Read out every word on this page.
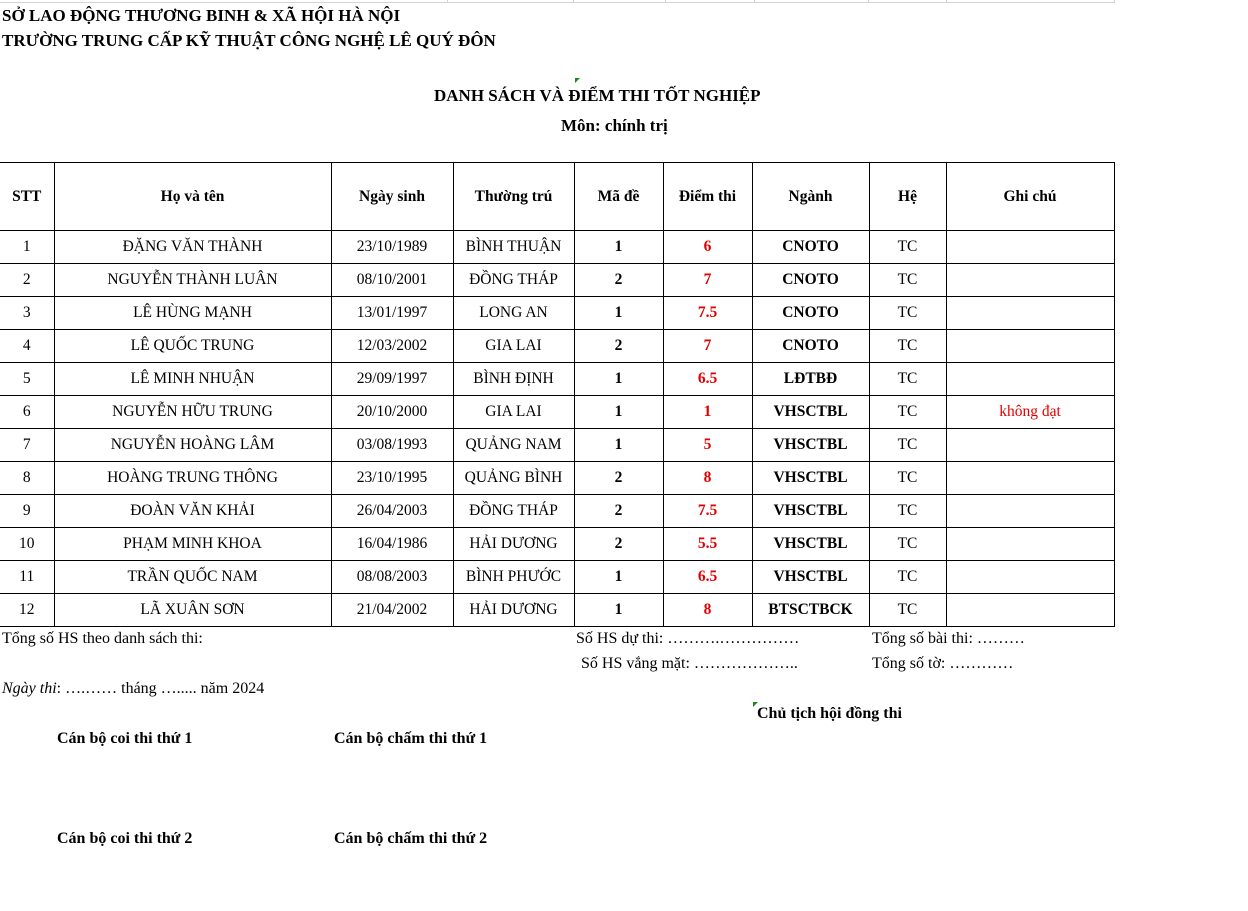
SỞ LAO ĐỘNG THƯƠNG BINH & XÃ HỘI HÀ NỘI
TRƯỜNG TRUNG CẤP KỸ THUẬT CÔNG NGHỆ LÊ QUÝ ĐÔN
DANH SÁCH VÀ ĐIỂM THI TỐT NGHIỆP
Môn: chính trị
STT	Họ và tên	Ngày sinh	Thường trú	Mã đề	Điểm thi	Ngành	Hệ	Ghi chú
1	ĐẶNG VĂN THÀNH	23/10/1989	BÌNH THUẬN	1	6	CNOTO	TC	
2	NGUYỄN THÀNH LUÂN	08/10/2001	ĐỒNG THÁP	2	7	CNOTO	TC	
3	LÊ HÙNG MẠNH	13/01/1997	LONG AN	1	7.5	CNOTO	TC	
4	LÊ QUỐC TRUNG	12/03/2002	GIA LAI	2	7	CNOTO	TC	
5	LÊ MINH NHUẬN	29/09/1997	BÌNH ĐỊNH	1	6.5	LĐTBĐ	TC	
6	NGUYỄN HỮU TRUNG	20/10/2000	GIA LAI	1	1	VHSCTBL	TC	không đạt
7	NGUYỄN HOÀNG LÂM	03/08/1993	QUẢNG NAM	1	5	VHSCTBL	TC	
8	HOÀNG TRUNG THÔNG	23/10/1995	QUẢNG BÌNH	2	8	VHSCTBL	TC	
9	ĐOÀN VĂN KHẢI	26/04/2003	ĐỒNG THÁP	2	7.5	VHSCTBL	TC	
10	PHẠM MINH KHOA	16/04/1986	HẢI DƯƠNG	2	5.5	VHSCTBL	TC	
11	TRẦN QUỐC NAM	08/08/2003	BÌNH PHƯỚC	1	6.5	VHSCTBL	TC	
12	LÃ XUÂN SƠN	21/04/2002	HẢI DƯƠNG	1	8	BTSCTBCK	TC	
Tổng số HS theo danh sách thi:	Số HS dự thi: ……….……………	Tổng số bài thi: ………
Số HS vắng mặt: ………………..	Tổng số tờ: …………
Ngày thi: ….…… tháng …..... năm 2024
Chủ tịch hội đồng thi
Cán bộ coi thi thứ 1	Cán bộ chấm thi thứ 1
Cán bộ coi thi thứ 2	Cán bộ chấm thi thứ 2
